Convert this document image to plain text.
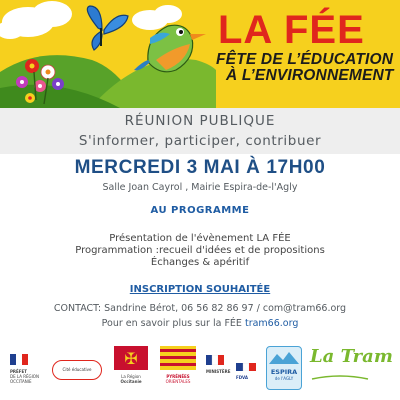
LA FÉE
FÊTE DE L’ÉDUCATION
À L’ENVIRONNEMENT
RÉUNION PUBLIQUE
S'informer, participer, contribuer
MERCREDI 3 MAI À 17H00
Salle Joan Cayrol , Mairie Espira-de-l'Agly
AU PROGRAMME
Présentation de l'évènement LA FÉE
Programmation :recueil d'idées et de propositions
Échanges & apéritif
INSCRIPTION SOUHAITÉE
CONTACT: Sandrine Bérot, 06 56 82 86 97 / com@tram66.org
Pour en savoir plus sur la FÉE tram66.org
PRÉFET
DE LA RÉGION
OCCITANIE
Cité éducative
✠
La Région
Occitanie
PYRÉNÉES
ORIENTALES
MINISTÈRE
FDVA
ESPIRA
de l'AGLY
La Tram
